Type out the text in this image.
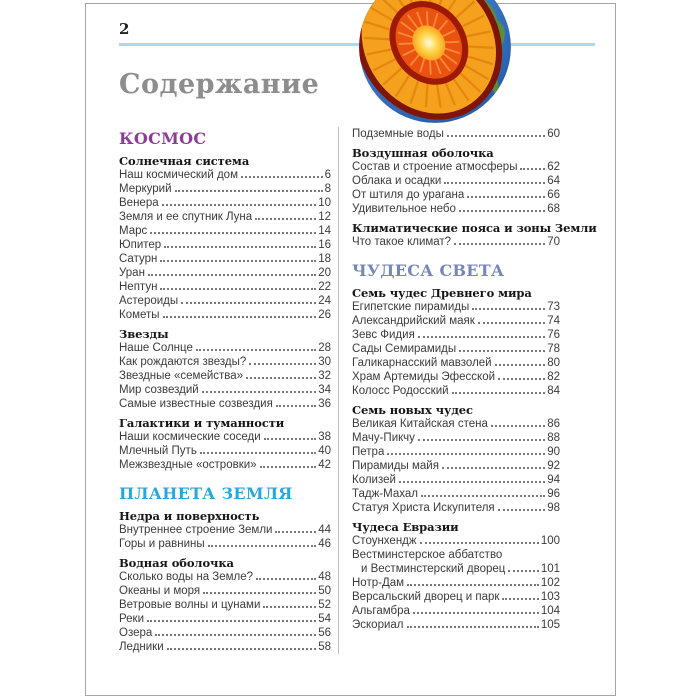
2
Содержание
КОСМОС
Солнечная система
Наш космический дом	6
Меркурий	8
Венера	10
Земля и ее спутник Луна	12
Марс	14
Юпитер	16
Сатурн	18
Уран	20
Нептун	22
Астероиды	24
Кометы	26
Звезды
Наше Солнце	28
Как рождаются звезды?	30
Звездные «семейства»	32
Мир созвездий	34
Самые известные созвездия	36
Галактики и туманности
Наши космические соседи	38
Млечный Путь	40
Межзвездные «островки»	42
ПЛАНЕТА ЗЕМЛЯ
Недра и поверхность
Внутреннее строение Земли	44
Горы и равнины	46
Водная оболочка
Сколько воды на Земле?	48
Океаны и моря	50
Ветровые волны и цунами	52
Реки	54
Озера	56
Ледники	58
Подземные воды	60
Воздушная оболочка
Состав и строение атмосферы	62
Облака и осадки	64
От штиля до урагана	66
Удивительное небо	68
Климатические пояса и зоны Земли
Что такое климат?	70
ЧУДЕСА СВЕТА
Семь чудес Древнего мира
Египетские пирамиды	73
Александрийский маяк	74
Зевс Фидия	76
Сады Семирамиды	78
Галикарнасский мавзолей	80
Храм Артемиды Эфесской	82
Колосс Родосский	84
Семь новых чудес
Великая Китайская стена	86
Мачу-Пикчу	88
Петра	90
Пирамиды майя	92
Колизей	94
Тадж-Махал	96
Статуя Христа Искупителя	98
Чудеса Евразии
Стоунхендж	100
Вестминстерское аббатство
и Вестминстерский дворец	101
Нотр-Дам	102
Версальский дворец и парк	103
Альгамбра	104
Эскориал	105
